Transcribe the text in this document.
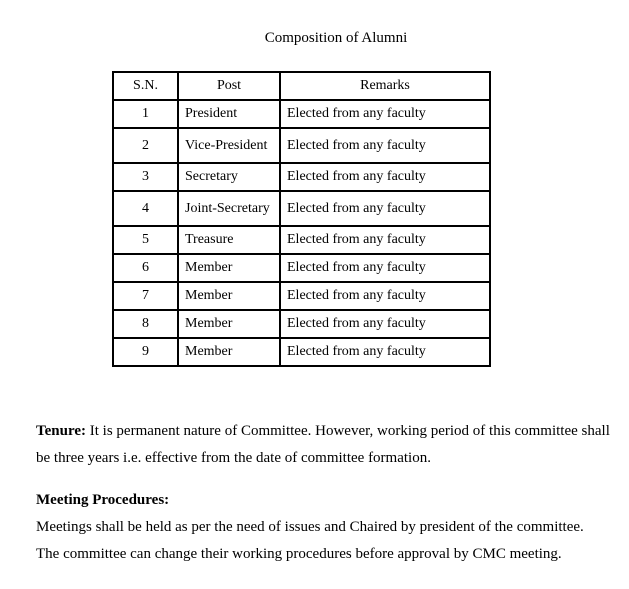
Composition of Alumni
S.N.	Post	Remarks
1	President	Elected from any faculty
2	Vice-President	Elected from any faculty
3	Secretary	Elected from any faculty
4	Joint-Secretary	Elected from any faculty
5	Treasure	Elected from any faculty
6	Member	Elected from any faculty
7	Member	Elected from any faculty
8	Member	Elected from any faculty
9	Member	Elected from any faculty

Tenure: It is permanent nature of Committee. However, working period of this committee shall be three years i.e. effective from the date of committee formation.

Meeting Procedures:
Meetings shall be held as per the need of issues and Chaired by president of the committee.
The committee can change their working procedures before approval by CMC meeting.
